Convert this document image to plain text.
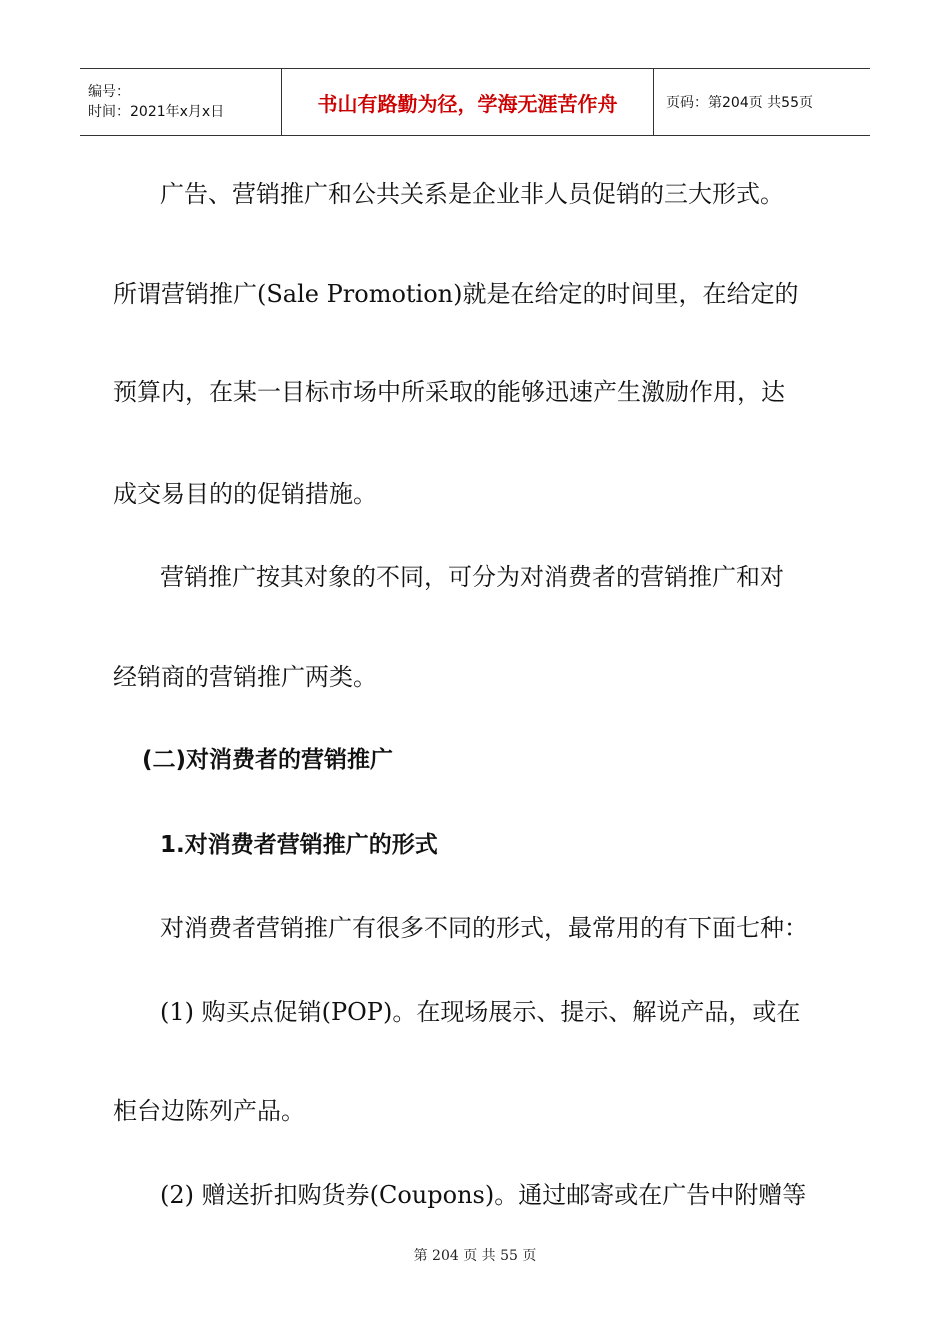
编号：
时间：2021年x月x日	书山有路勤为径，学海无涯苦作舟	页码：第204页 共55页
广告、营销推广和公共关系是企业非人员促销的三大形式。
所谓营销推广(Sale Promotion)就是在给定的时间里，在给定的
预算内，在某一目标市场中所采取的能够迅速产生激励作用，达
成交易目的的促销措施。
营销推广按其对象的不同，可分为对消费者的营销推广和对
经销商的营销推广两类。
(二)对消费者的营销推广
1.对消费者营销推广的形式
对消费者营销推广有很多不同的形式，最常用的有下面七种：
(1) 购买点促销(POP)。在现场展示、提示、解说产品，或在
柜台边陈列产品。
(2) 赠送折扣购货券(Coupons)。通过邮寄或在广告中附赠等
第 204 页 共 55 页
